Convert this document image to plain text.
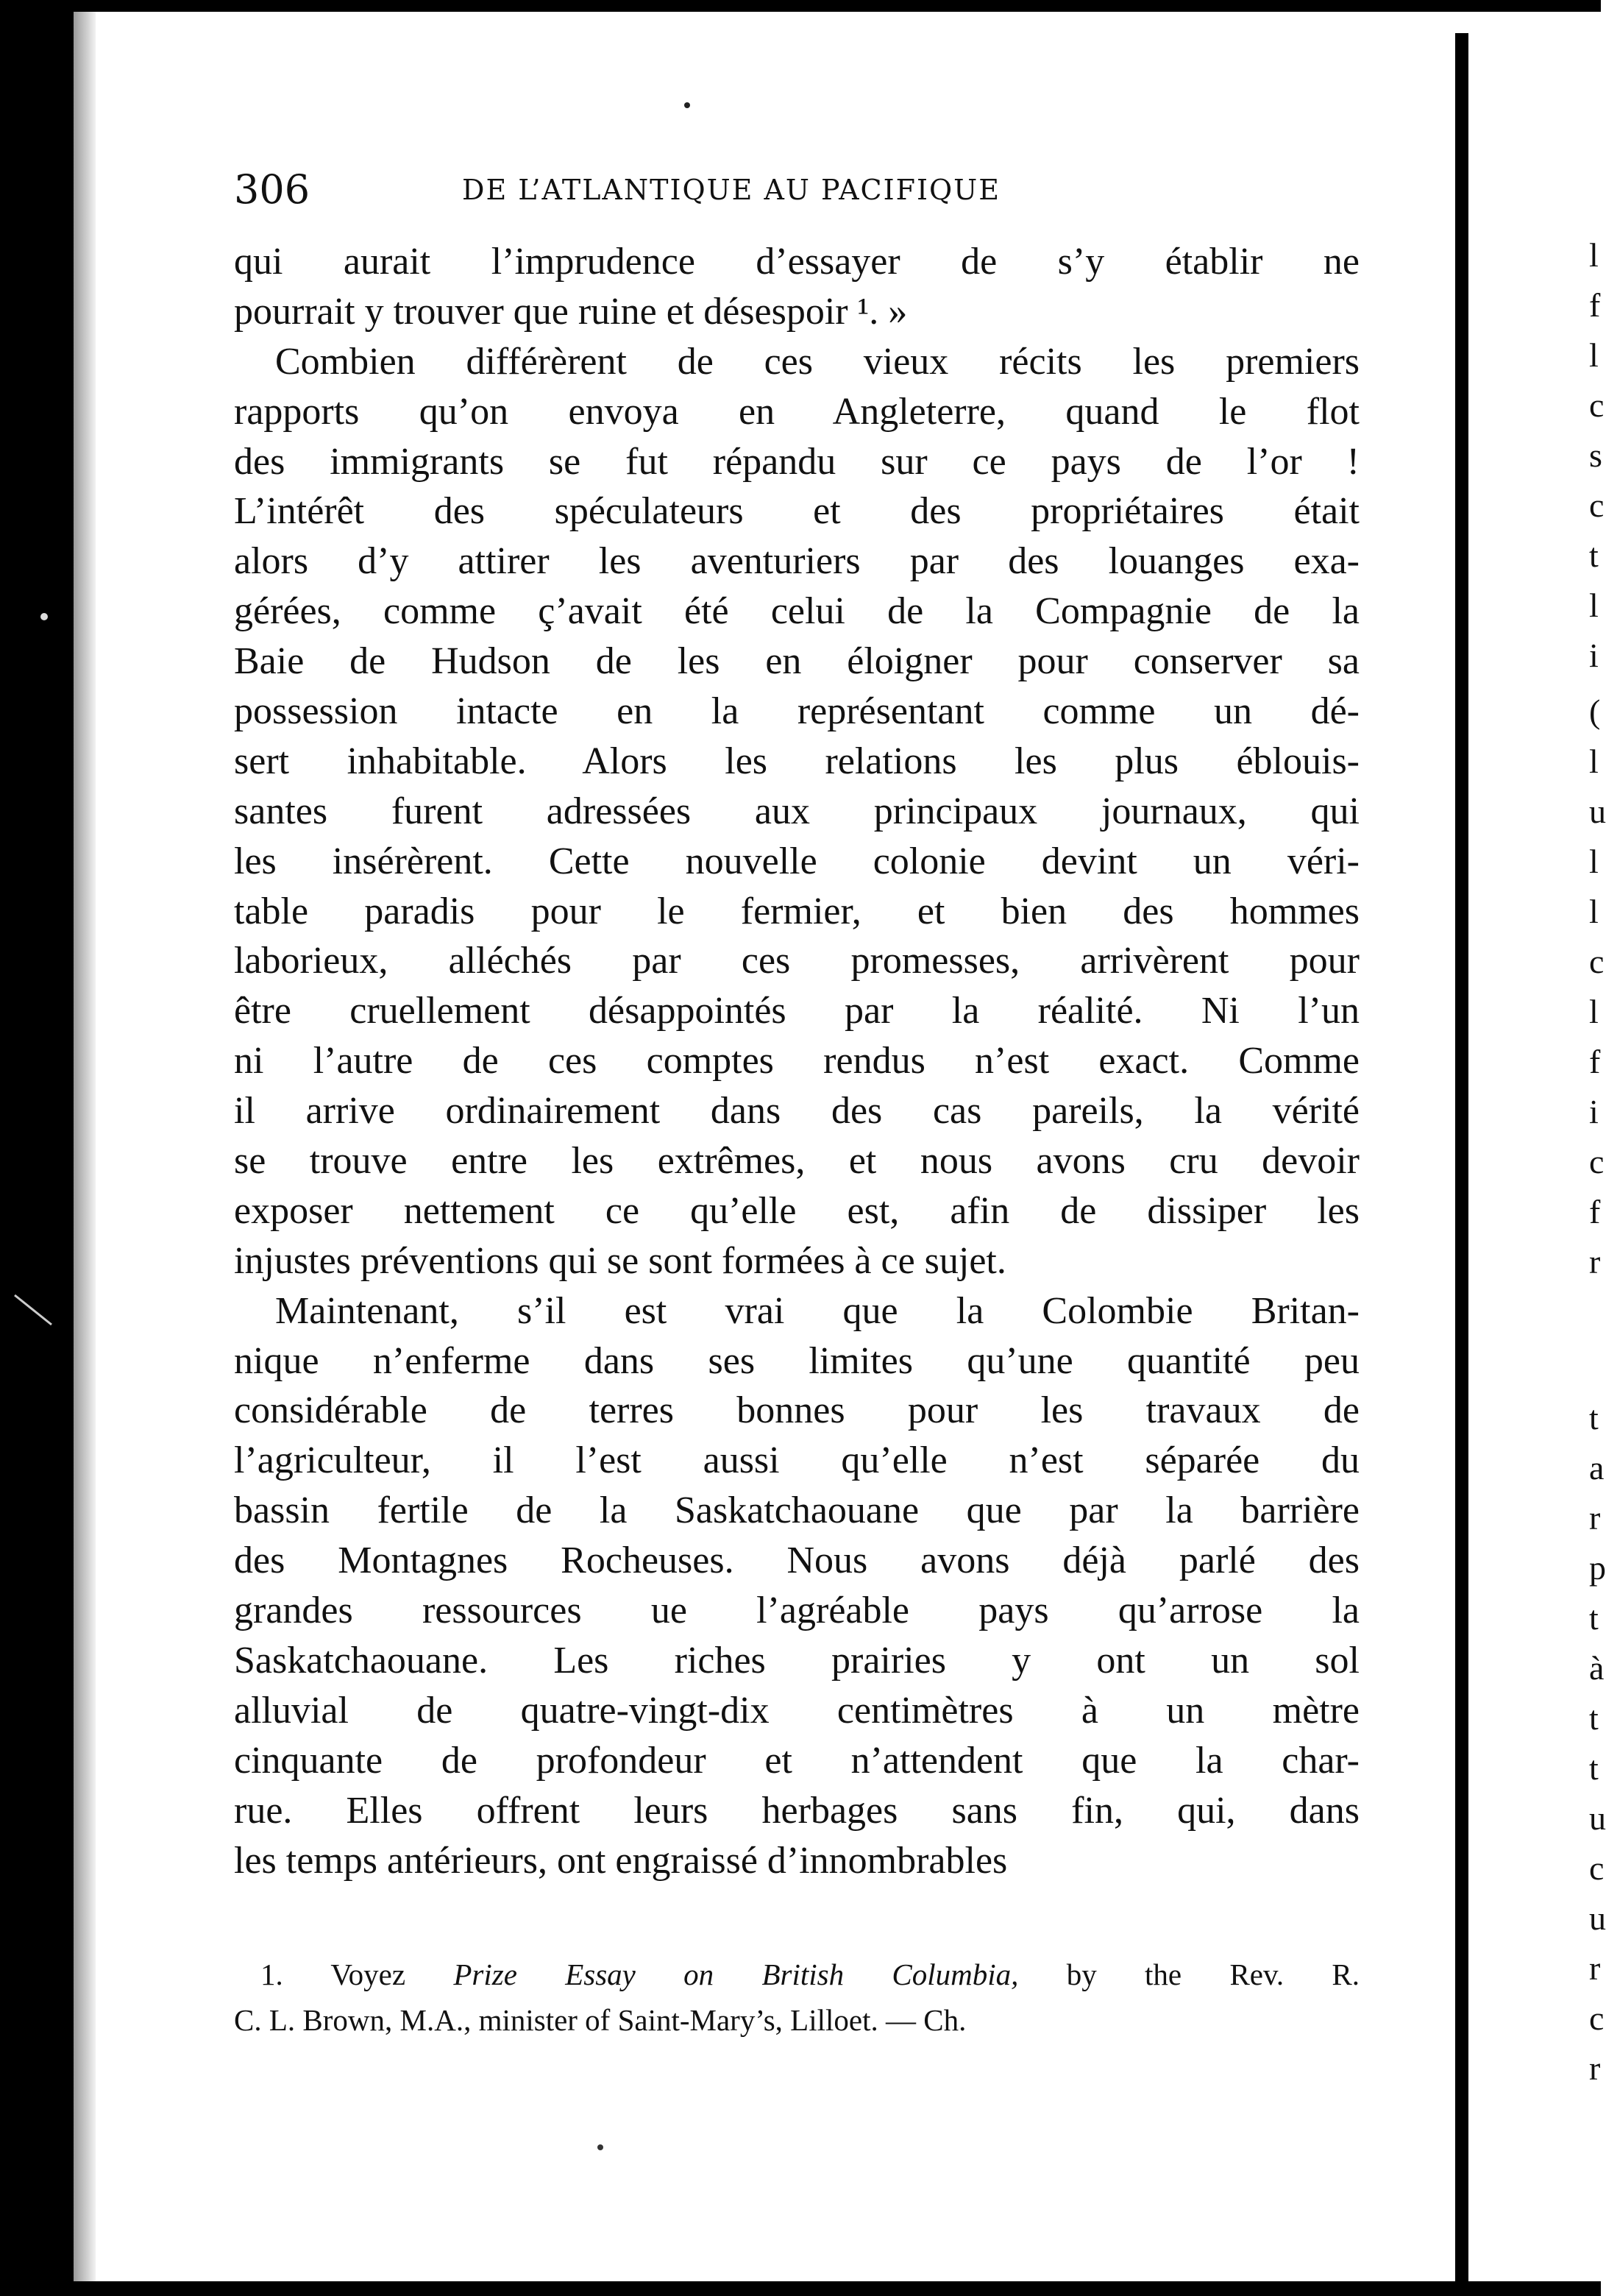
306	DE L’ATLANTIQUE AU PACIFIQUE
qui aurait l’imprudence d’essayer de s’y établir ne
pourrait y trouver que ruine et désespoir ¹. »
Combien différèrent de ces vieux récits les premiers
rapports qu’on envoya en Angleterre, quand le flot
des immigrants se fut répandu sur ce pays de l’or !
L’intérêt des spéculateurs et des propriétaires était
alors d’y attirer les aventuriers par des louanges exa-
gérées, comme ç’avait été celui de la Compagnie de la
Baie de Hudson de les en éloigner pour conserver sa
possession intacte en la représentant comme un dé-
sert inhabitable. Alors les relations les plus éblouis-
santes furent adressées aux principaux journaux, qui
les insérèrent. Cette nouvelle colonie devint un véri-
table paradis pour le fermier, et bien des hommes
laborieux, alléchés par ces promesses, arrivèrent pour
être cruellement désappointés par la réalité. Ni l’un
ni l’autre de ces comptes rendus n’est exact. Comme
il arrive ordinairement dans des cas pareils, la vérité
se trouve entre les extrêmes, et nous avons cru devoir
exposer nettement ce qu’elle est, afin de dissiper les
injustes préventions qui se sont formées à ce sujet.
Maintenant, s’il est vrai que la Colombie Britan-
nique n’enferme dans ses limites qu’une quantité peu
considérable de terres bonnes pour les travaux de
l’agriculteur, il l’est aussi qu’elle n’est séparée du
bassin fertile de la Saskatchaouane que par la barrière
des Montagnes Rocheuses. Nous avons déjà parlé des
grandes ressources ue l’agréable pays qu’arrose la
Saskatchaouane. Les riches prairies y ont un sol
alluvial de quatre-vingt-dix centimètres à un mètre
cinquante de profondeur et n’attendent que la char-
rue. Elles offrent leurs herbages sans fin, qui, dans
les temps antérieurs, ont engraissé d’innombrables
1. Voyez Prize Essay on British Columbia, by the Rev. R.
C. L. Brown, M.A., minister of Saint-Mary’s, Lilloet. — Ch.
l
f
l
c
s
c
t
l
i
(
l
u
l
l
c
l
f
i
c
f
r
t
a
r
p
t
à
t
t
u
c
u
r
c
r
